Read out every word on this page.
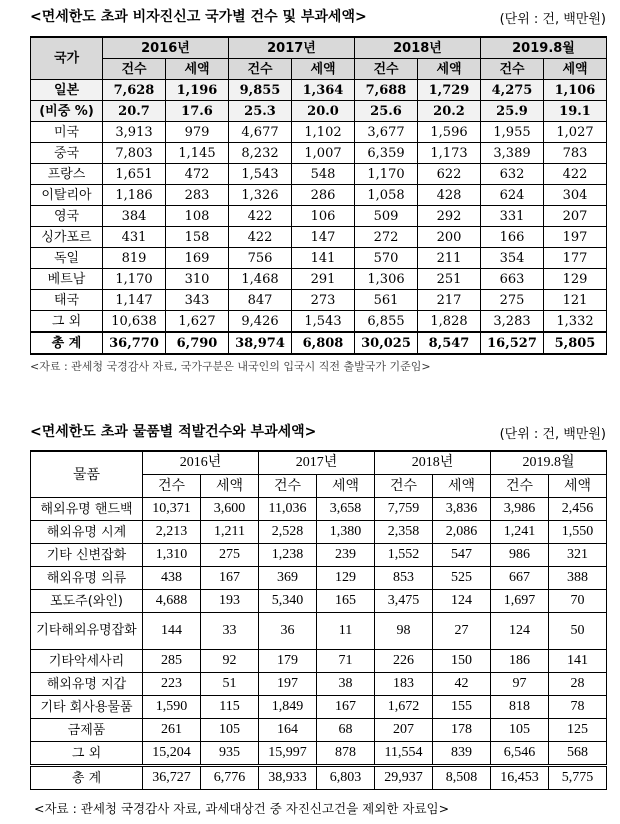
<면세한도 초과 비자진신고 국가별 건수 및 부과세액>	(단위 : 건, 백만원)
국가	2016년		2017년		2018년		2019.8월	
	건수	세액	건수	세액	건수	세액	건수	세액
일본	7,628	1,196	9,855	1,364	7,688	1,729	4,275	1,106
(비중 %)	20.7	17.6	25.3	20.0	25.6	20.2	25.9	19.1
미국	3,913	979	4,677	1,102	3,677	1,596	1,955	1,027
중국	7,803	1,145	8,232	1,007	6,359	1,173	3,389	783
프랑스	1,651	472	1,543	548	1,170	622	632	422
이탈리아	1,186	283	1,326	286	1,058	428	624	304
영국	384	108	422	106	509	292	331	207
싱가포르	431	158	422	147	272	200	166	197
독일	819	169	756	141	570	211	354	177
베트남	1,170	310	1,468	291	1,306	251	663	129
태국	1,147	343	847	273	561	217	275	121
그 외	10,638	1,627	9,426	1,543	6,855	1,828	3,283	1,332
총 계	36,770	6,790	38,974	6,808	30,025	8,547	16,527	5,805
<자료 : 관세청 국경감사 자료, 국가구분은 내국인의 입국시 직전 출발국가 기준임>
<면세한도 초과 물품별 적발건수와 부과세액>	(단위 : 건, 백만원)
물품	2016년		2017년		2018년		2019.8월	
	건수	세액	건수	세액	건수	세액	건수	세액
해외유명 핸드백	10,371	3,600	11,036	3,658	7,759	3,836	3,986	2,456
해외유명 시계	2,213	1,211	2,528	1,380	2,358	2,086	1,241	1,550
기타 신변잡화	1,310	275	1,238	239	1,552	547	986	321
해외유명 의류	438	167	369	129	853	525	667	388
포도주(와인)	4,688	193	5,340	165	3,475	124	1,697	70
기타해외유명잡화	144	33	36	11	98	27	124	50
기타악세사리	285	92	179	71	226	150	186	141
해외유명 지갑	223	51	197	38	183	42	97	28
기타 회사용물품	1,590	115	1,849	167	1,672	155	818	78
금제품	261	105	164	68	207	178	105	125
그 외	15,204	935	15,997	878	11,554	839	6,546	568
총 계	36,727	6,776	38,933	6,803	29,937	8,508	16,453	5,775
<자료 : 관세청 국경감사 자료, 과세대상건 중 자진신고건을 제외한 자료임>
